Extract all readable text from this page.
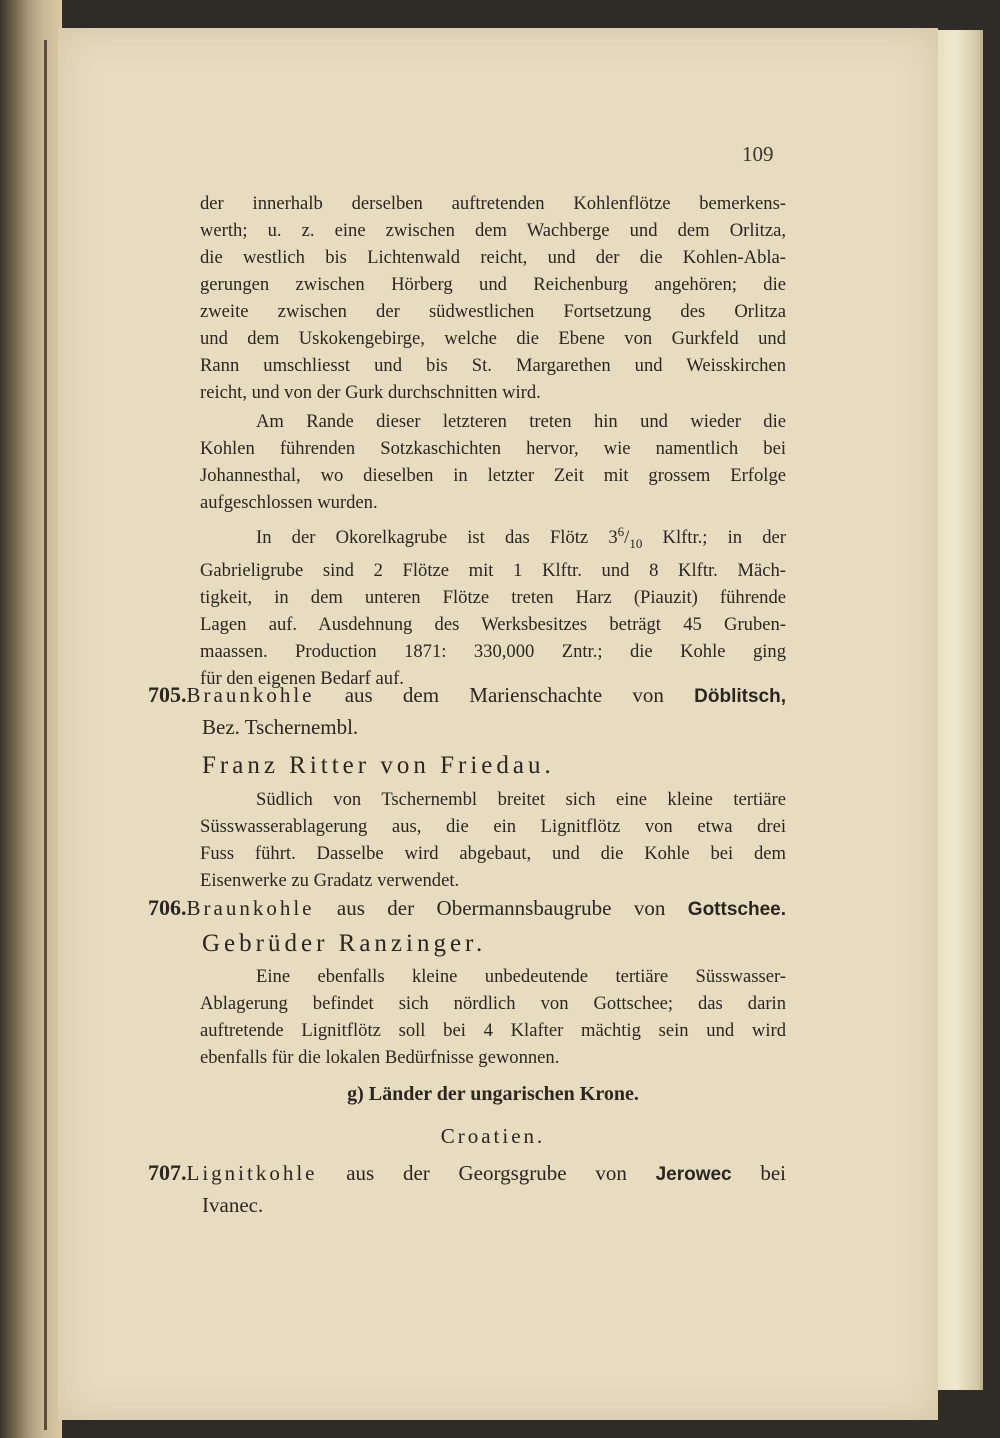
109
der innerhalb derselben auftretenden Kohlenflötze bemerkens-
werth; u. z. eine zwischen dem Wachberge und dem Orlitza,
die westlich bis Lichtenwald reicht, und der die Kohlen-Abla-
gerungen zwischen Hörberg und Reichenburg angehören; die
zweite zwischen der südwestlichen Fortsetzung des Orlitza
und dem Uskokengebirge, welche die Ebene von Gurkfeld und
Rann umschliesst und bis St. Margarethen und Weisskirchen
reicht, und von der Gurk durchschnitten wird.
Am Rande dieser letzteren treten hin und wieder die
Kohlen führenden Sotzkaschichten hervor, wie namentlich bei
Johannesthal, wo dieselben in letzter Zeit mit grossem Erfolge
aufgeschlossen wurden.
In der Okorelkagrube ist das Flötz $3^6/_{10}$ Klftr.; in der
Gabrieligrube sind 2 Flötze mit 1 Klftr. und 8 Klftr. Mäch-
tigkeit, in dem unteren Flötze treten Harz (Piauzit) führende
Lagen auf. Ausdehnung des Werksbesitzes beträgt 45 Gruben-
maassen. Production 1871: 330,000 Zntr.; die Kohle ging
für den eigenen Bedarf auf.
705.Braunkohle aus dem Marienschachte von Döblitsch,
Bez. Tschernembl.
Franz Ritter von Friedau.
Südlich von Tschernembl breitet sich eine kleine tertiäre
Süsswasserablagerung aus, die ein Lignitflötz von etwa drei
Fuss führt. Dasselbe wird abgebaut, und die Kohle bei dem
Eisenwerke zu Gradatz verwendet.
706.Braunkohle aus der Obermannsbaugrube von Gottschee.
Gebrüder Ranzinger.
Eine ebenfalls kleine unbedeutende tertiäre Süsswasser-
Ablagerung befindet sich nördlich von Gottschee; das darin
auftretende Lignitflötz soll bei 4 Klafter mächtig sein und wird
ebenfalls für die lokalen Bedürfnisse gewonnen.
g) Länder der ungarischen Krone.
Croatien.
707.Lignitkohle aus der Georgsgrube von Jerowec bei
Ivanec.
